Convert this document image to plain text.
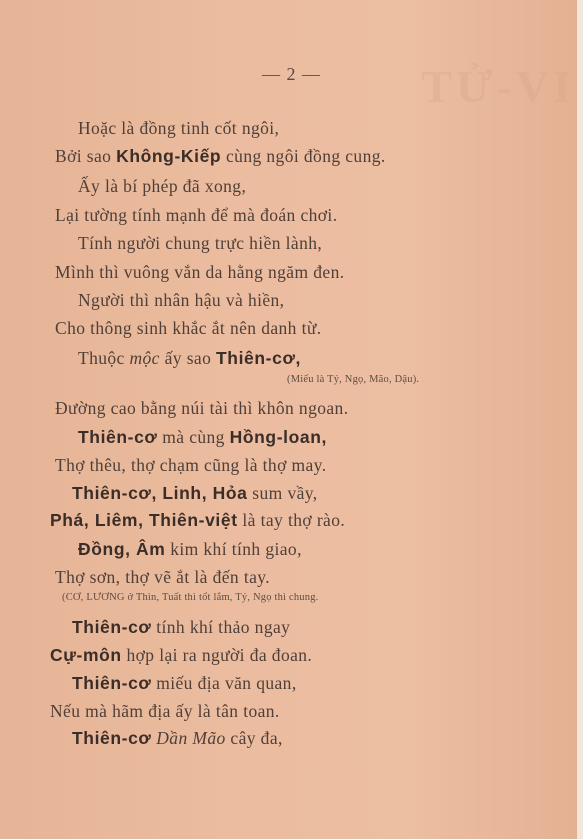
TỬ-VI
— 2 —
Hoặc là đồng tinh cốt ngôi,
Bởi sao Không-Kiếp cùng ngôi đồng cung.
Ấy là bí phép đã xong,
Lại tường tính mạnh để mà đoán chơi.
Tính người chung trực hiền lành,
Mình thì vuông vắn da hằng ngăm đen.
Người thì nhân hậu và hiền,
Cho thông sinh khắc ắt nên danh từ.
Thuộc mộc ấy sao Thiên-cơ,
(Miếu là Tý, Ngọ, Mão, Dậu).
Đường cao bằng núi tài thì khôn ngoan.
Thiên-cơ mà cùng Hồng-loan,
Thợ thêu, thợ chạm cũng là thợ may.
Thiên-cơ, Linh, Hỏa sum vầy,
Phá, Liêm, Thiên-việt là tay thợ rào.
Đồng, Âm kim khí tính giao,
Thợ sơn, thợ vẽ ắt là đến tay.
(CƠ, LƯƠNG ở Thìn, Tuất thì tốt lắm, Tý, Ngọ thì chung.
Thiên-cơ tính khí thảo ngay
Cự-môn hợp lại ra người đa đoan.
Thiên-cơ miếu địa văn quan,
Nếu mà hãm địa ấy là tân toan.
Thiên-cơ Dần Mão cây đa,
